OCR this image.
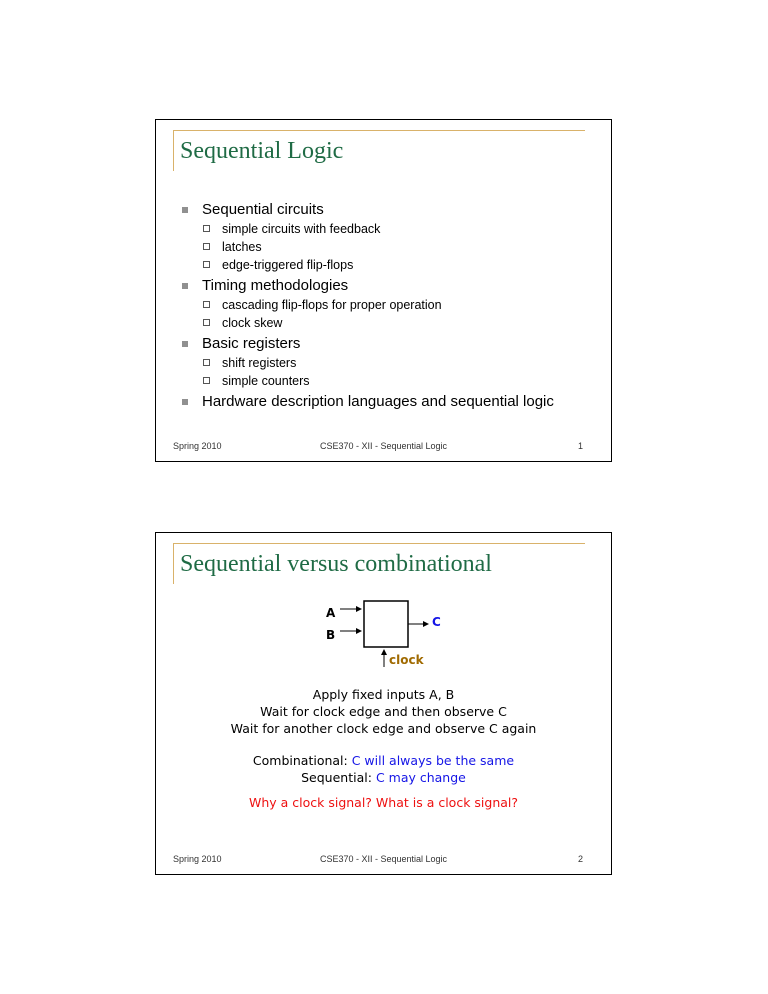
Sequential Logic
Sequential circuits
simple circuits with feedback
latches
edge-triggered flip-flops
Timing methodologies
cascading flip-flops for proper operation
clock skew
Basic registers
shift registers
simple counters
Hardware description languages and sequential logic
Spring 2010	CSE370 - XII - Sequential Logic	1
Sequential versus combinational
A
B
C
clock
Apply fixed inputs A, B
Wait for clock edge and then observe C
Wait for another clock edge and observe C again
Combinational: C will always be the same
Sequential: C may change
Why a clock signal? What is a clock signal?
Spring 2010	CSE370 - XII - Sequential Logic	2
